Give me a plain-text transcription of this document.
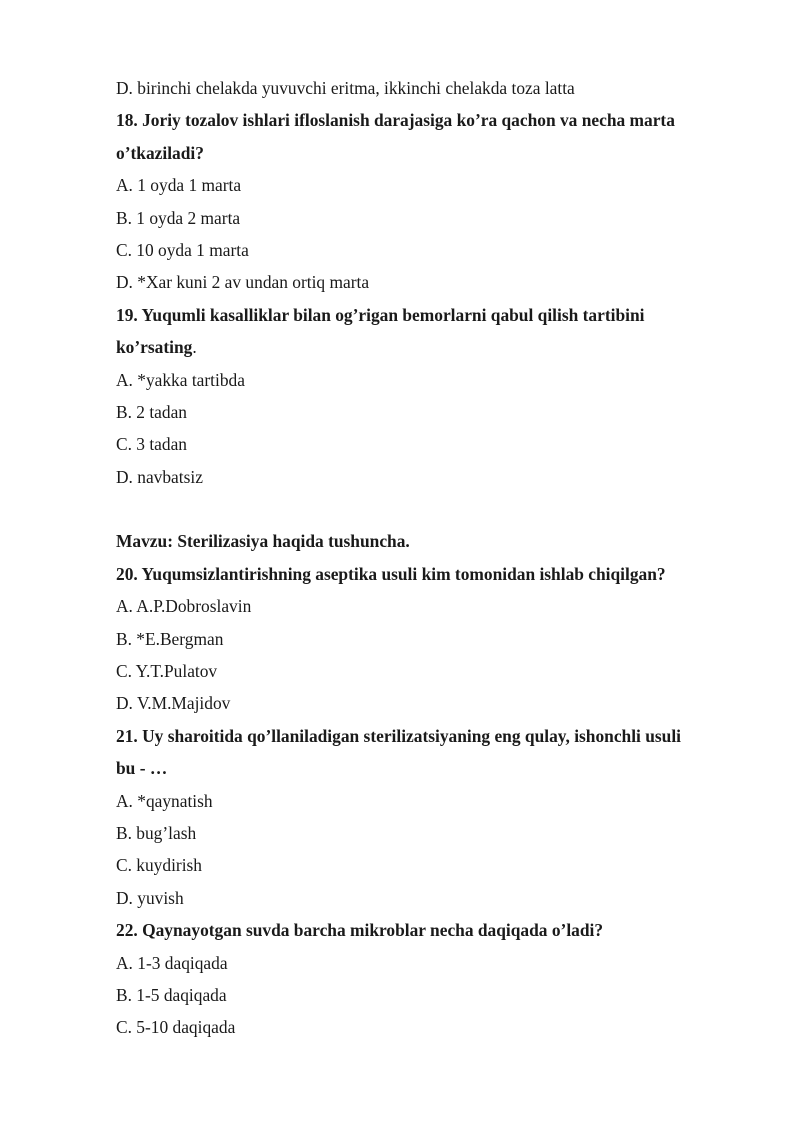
D. birinchi chelakda yuvuvchi eritma, ikkinchi chelakda toza latta
18. Joriy tozalov ishlari ifloslanish darajasiga ko’ra qachon va necha marta
o’tkaziladi?
A. 1 oyda 1 marta
B. 1 oyda 2 marta
C. 10 oyda 1 marta
D. *Xar kuni 2 av undan ortiq marta
19. Yuqumli kasalliklar bilan og’rigan bemorlarni qabul qilish tartibini
ko’rsating.
A. *yakka tartibda
B. 2 tadan
C. 3 tadan
D. navbatsiz
Mavzu: Sterilizasiya haqida tushuncha.
20. Yuqumsizlantirishning aseptika usuli kim tomonidan ishlab chiqilgan?
A. A.P.Dobroslavin
B. *E.Bergman
C. Y.T.Pulatov
D. V.M.Majidov
21. Uy sharoitida qo’llaniladigan sterilizatsiyaning eng qulay, ishonchli usuli
bu - …
A. *qaynatish
B. bug’lash
C. kuydirish
D. yuvish
22. Qaynayotgan suvda barcha mikroblar necha daqiqada o’ladi?
A. 1-3 daqiqada
B. 1-5 daqiqada
C. 5-10 daqiqada
